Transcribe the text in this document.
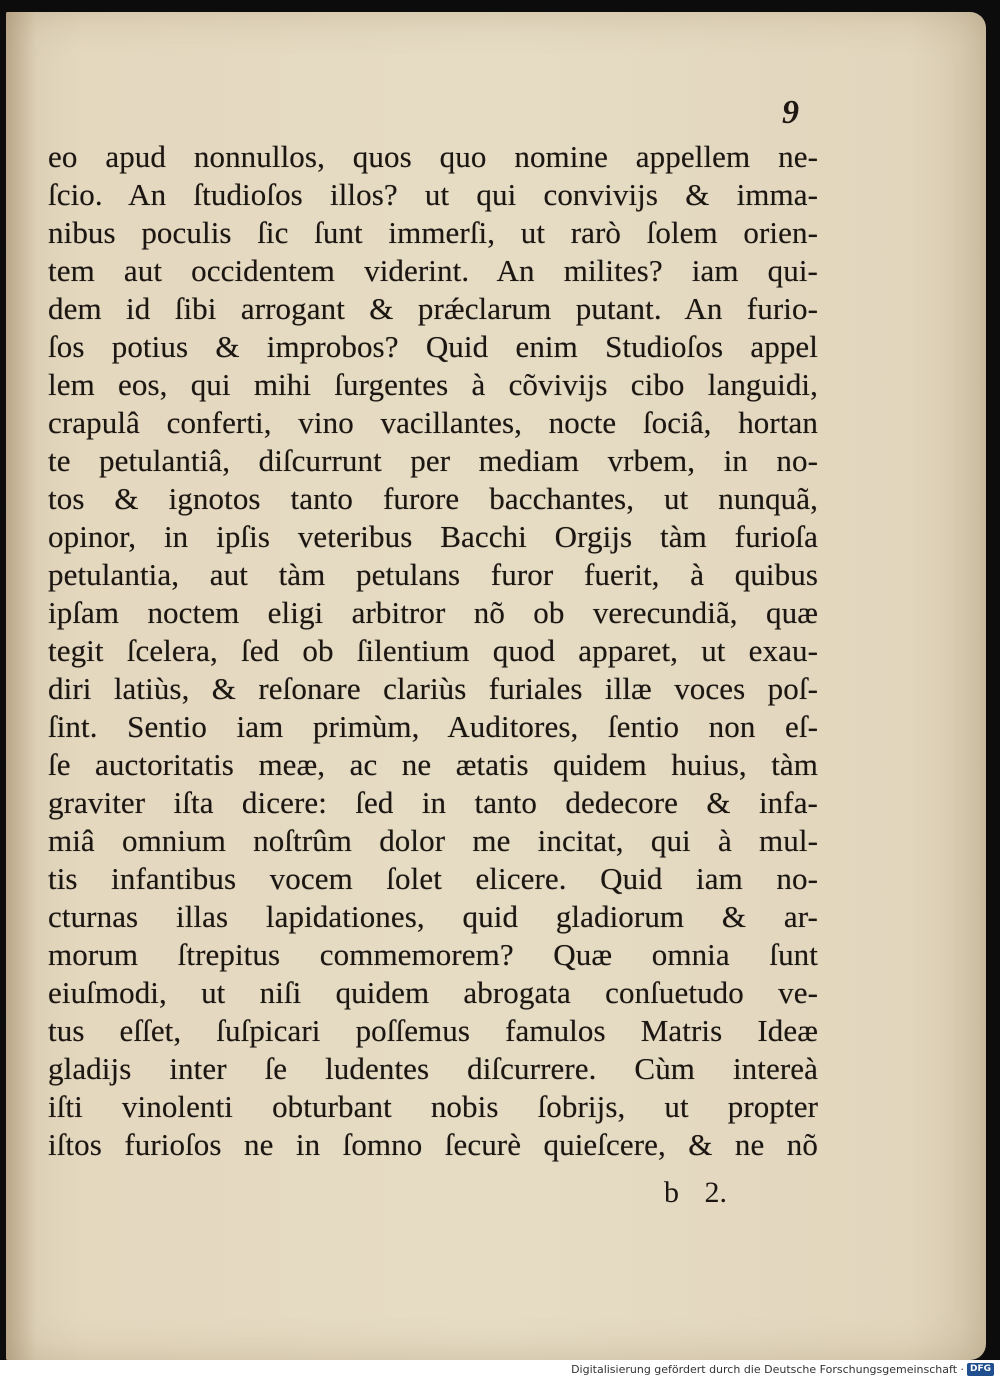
9
eo apud nonnullos, quos quo nomine appellem ne-
ſcio. An ſtudioſos illos? ut qui convivijs & imma-
nibus poculis ſic ſunt immerſi, ut rarò ſolem orien-
tem aut occidentem viderint. An milites? iam qui-
dem id ſibi arrogant & prǽclarum putant. An furio-
ſos potius & improbos? Quid enim Studioſos appel
lem eos, qui mihi ſurgentes à cõvivijs cibo languidi,
crapulâ conferti, vino vacillantes, nocte ſociâ, hortan
te petulantiâ, diſcurrunt per mediam vrbem, in no-
tos & ignotos tanto furore bacchantes, ut nunquã,
opinor, in ipſis veteribus Bacchi Orgijs tàm furioſa
petulantia, aut tàm petulans furor fuerit, à quibus
ipſam noctem eligi arbitror nõ ob verecundiã, quæ
tegit ſcelera, ſed ob ſilentium quod apparet, ut exau-
diri latiùs, & reſonare clariùs furiales illæ voces poſ-
ſint. Sentio iam primùm, Auditores, ſentio non eſ-
ſe auctoritatis meæ, ac ne ætatis quidem huius, tàm
graviter iſta dicere: ſed in tanto dedecore & infa-
miâ omnium noſtrûm dolor me incitat, qui à mul-
tis infantibus vocem ſolet elicere. Quid iam no-
cturnas illas lapidationes, quid gladiorum & ar-
morum ſtrepitus commemorem? Quæ omnia ſunt
eiuſmodi, ut niſi quidem abrogata conſuetudo ve-
tus eſſet, ſuſpicari poſſemus famulos Matris Ideæ
gladijs inter ſe ludentes diſcurrere. Cùm intereà
iſti vinolenti obturbant nobis ſobrijs, ut propter
iſtos furioſos ne in ſomno ſecurè quieſcere, & ne nõ
b 2.
Digitalisierung gefördert durch die Deutsche Forschungsgemeinschaft · DFG
